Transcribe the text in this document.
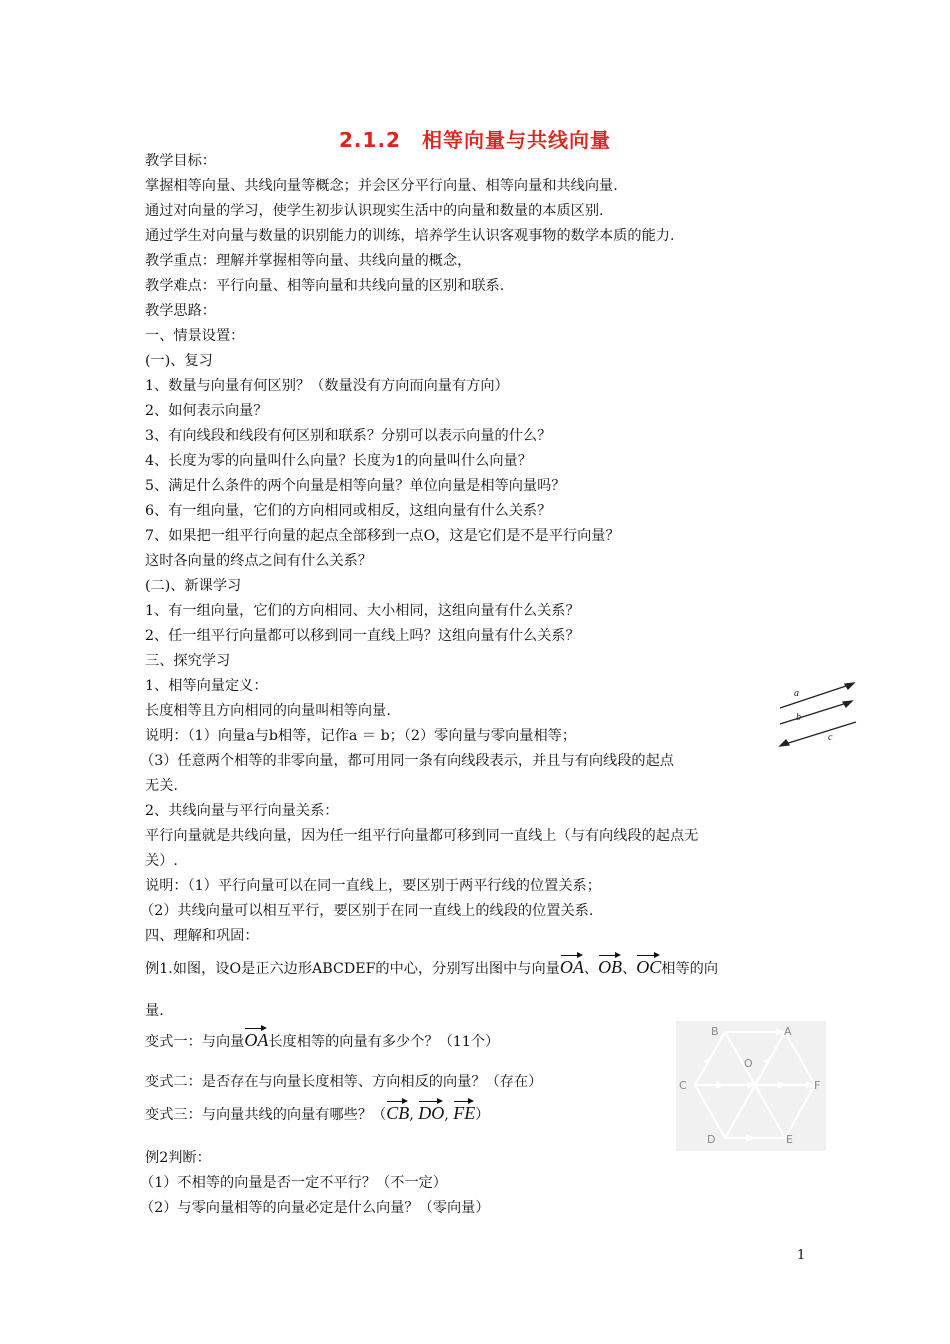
2.1.2　相等向量与共线向量
教学目标：
掌握相等向量、共线向量等概念；并会区分平行向量、相等向量和共线向量.
通过对向量的学习，使学生初步认识现实生活中的向量和数量的本质区别.
通过学生对向量与数量的识别能力的训练，培养学生认识客观事物的数学本质的能力.
教学重点：理解并掌握相等向量、共线向量的概念，
教学难点：平行向量、相等向量和共线向量的区别和联系.
教学思路：
一、情景设置：
(一)、复习
1、数量与向量有何区别？（数量没有方向而向量有方向）
2、如何表示向量？
3、有向线段和线段有何区别和联系？分别可以表示向量的什么？
4、长度为零的向量叫什么向量？长度为1的向量叫什么向量？
5、满足什么条件的两个向量是相等向量？单位向量是相等向量吗？
6、有一组向量，它们的方向相同或相反，这组向量有什么关系？
7、如果把一组平行向量的起点全部移到一点O，这是它们是不是平行向量？
这时各向量的终点之间有什么关系？
(二)、新课学习
1、有一组向量，它们的方向相同、大小相同，这组向量有什么关系？
2、任一组平行向量都可以移到同一直线上吗？这组向量有什么关系？
三、探究学习
1、相等向量定义：
长度相等且方向相同的向量叫相等向量.
说明：（1）向量a与b相等，记作a ＝ b；（2）零向量与零向量相等；
（3）任意两个相等的非零向量，都可用同一条有向线段表示，并且与有向线段的起点
无关.
2、共线向量与平行向量关系：
平行向量就是共线向量，因为任一组平行向量都可移到同一直线上（与有向线段的起点无
关）.
说明：（1）平行向量可以在同一直线上，要区别于两平行线的位置关系；
（2）共线向量可以相互平行，要区别于在同一直线上的线段的位置关系.
四、理解和巩固：
例1.如图，设O是正六边形ABCDEF的中心，分别写出图中与向量OA、OB、OC相等的向
量.
变式一：与向量OA长度相等的向量有多少个？（11个）
变式二：是否存在与向量长度相等、方向相反的向量？（存在）
变式三：与向量共线的向量有哪些？（CB, DO, FE）
例2判断：
（1）不相等的向量是否一定不平行？（不一定）
（2）与零向量相等的向量必定是什么向量？（零向量）
a
b
c
B	A
O
C	F
D	E
1
